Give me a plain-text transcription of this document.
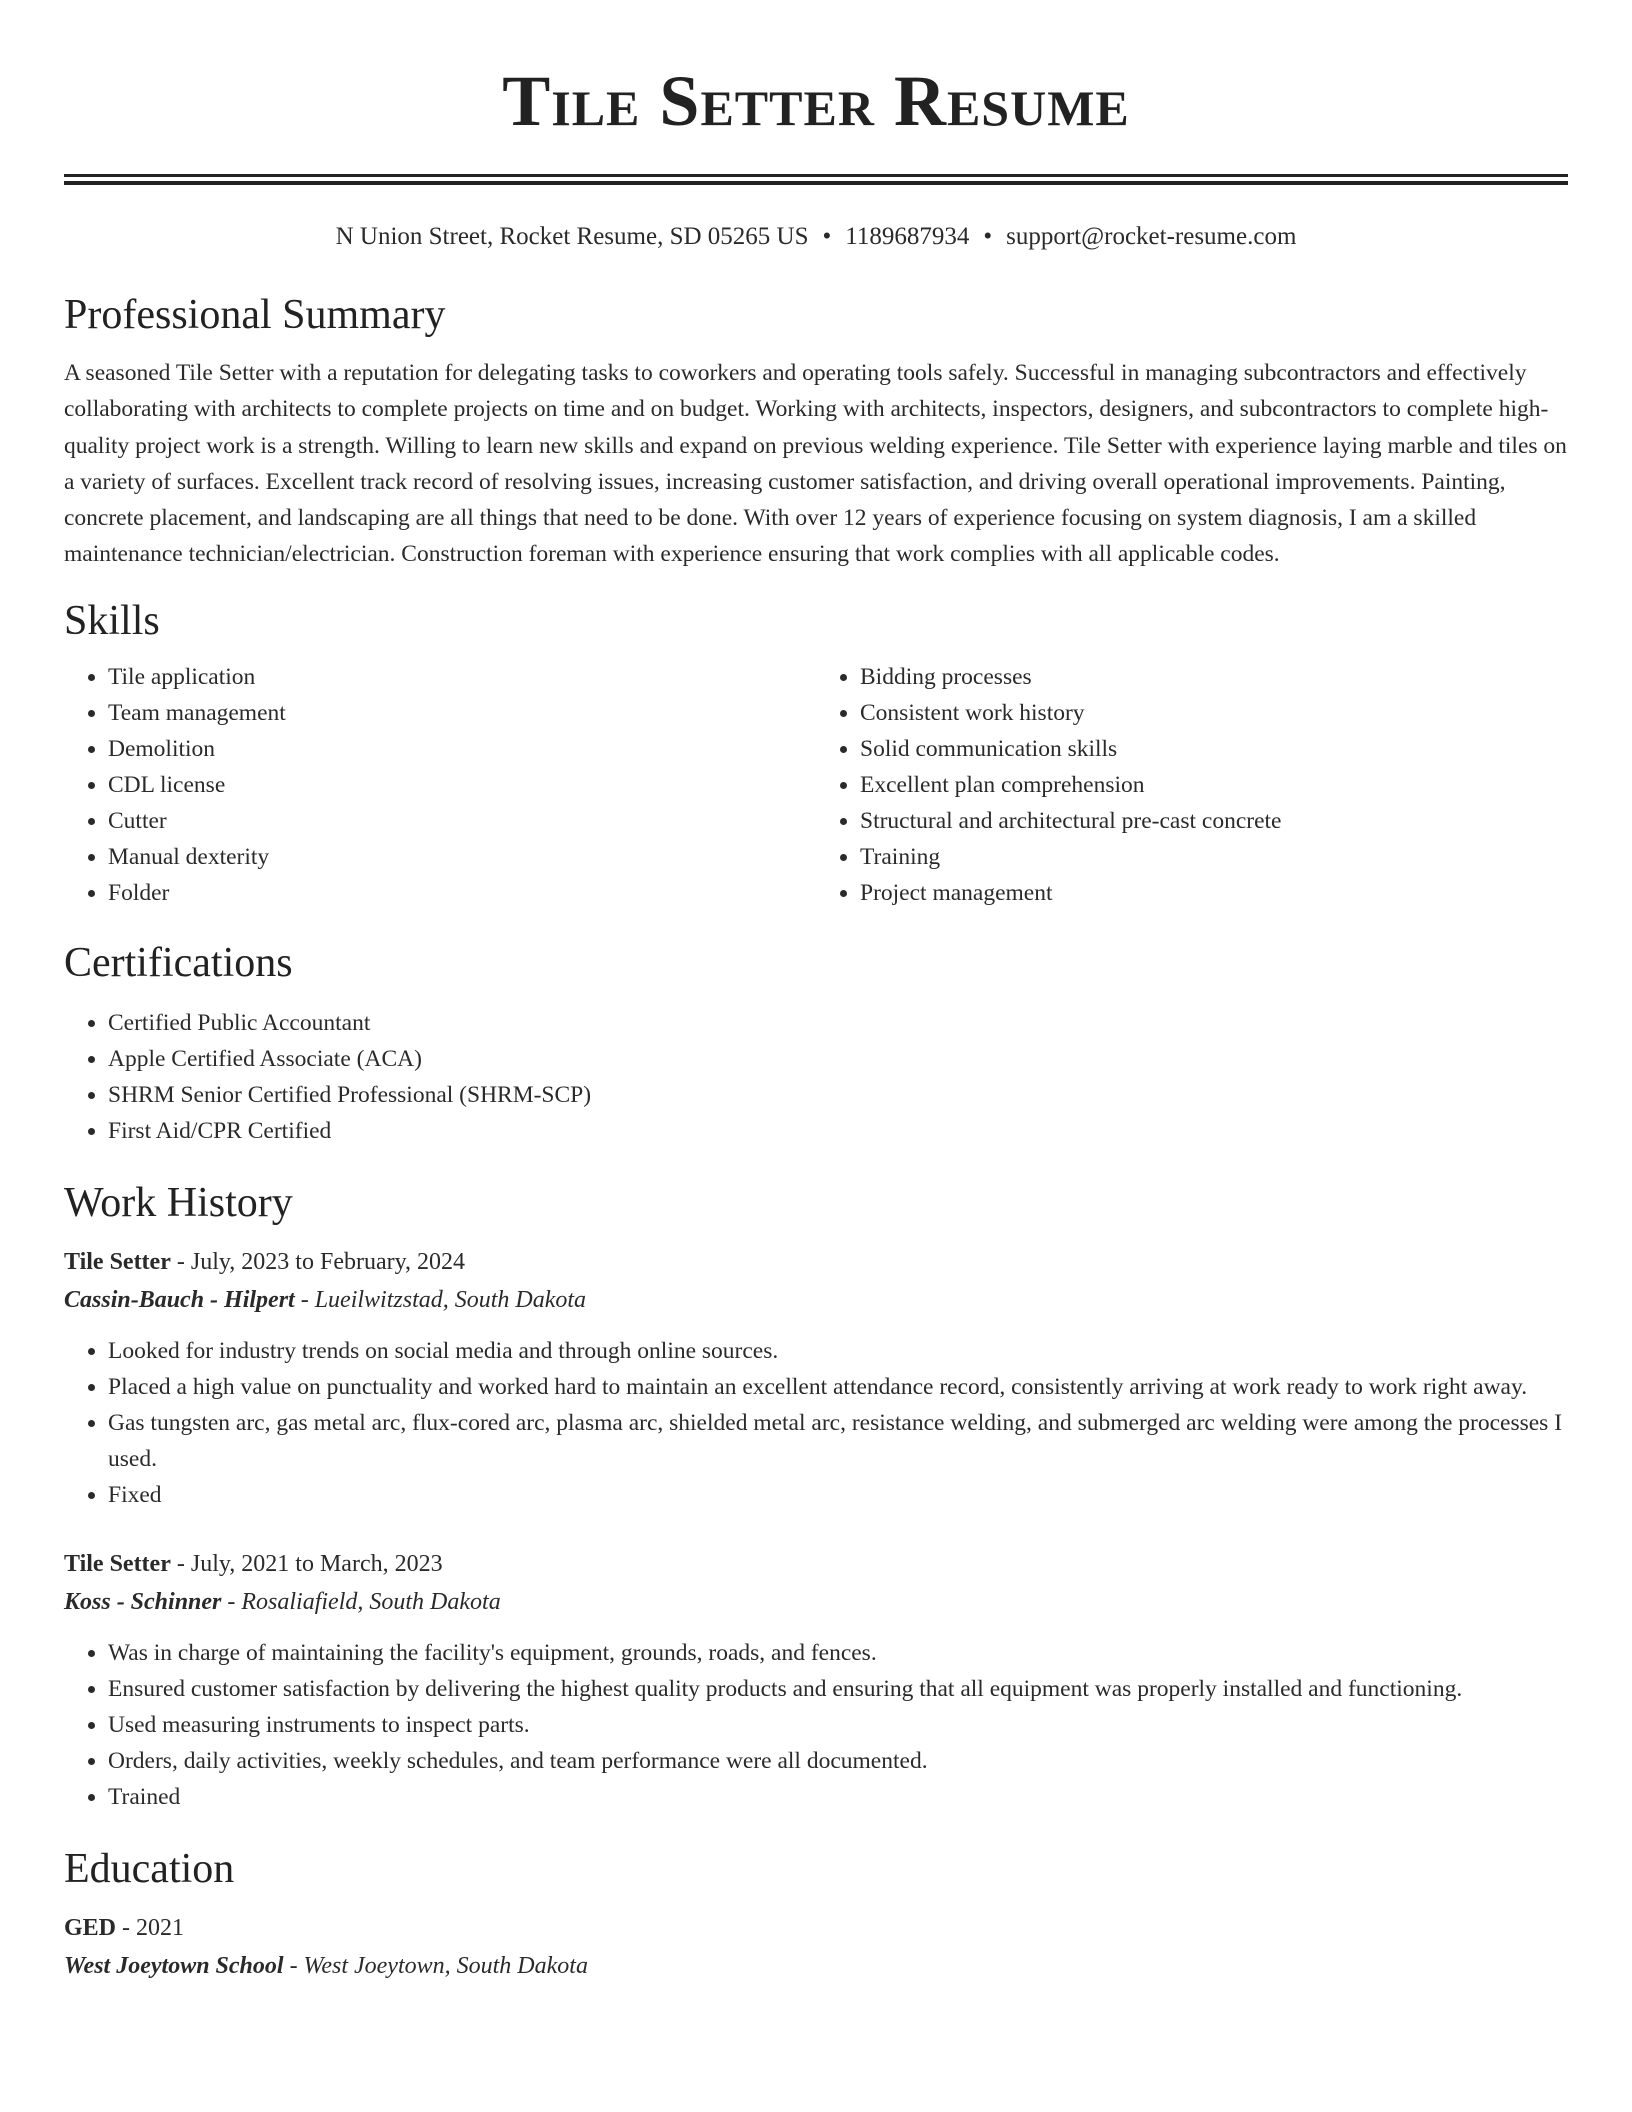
Tile Setter Resume
N Union Street, Rocket Resume, SD 05265 US • 1189687934 • support@rocket-resume.com
Professional Summary

A seasoned Tile Setter with a reputation for delegating tasks to coworkers and operating tools safely. Successful in managing subcontractors and effectively collaborating with architects to complete projects on time and on budget. Working with architects, inspectors, designers, and subcontractors to complete high-quality project work is a strength. Willing to learn new skills and expand on previous welding experience. Tile Setter with experience laying marble and tiles on a variety of surfaces. Excellent track record of resolving issues, increasing customer satisfaction, and driving overall operational improvements. Painting, concrete placement, and landscaping are all things that need to be done. With over 12 years of experience focusing on system diagnosis, I am a skilled maintenance technician/electrician. Construction foreman with experience ensuring that work complies with all applicable codes.

Skills
• Tile application
• Team management
• Demolition
• CDL license
• Cutter
• Manual dexterity
• Folder
• Bidding processes
• Consistent work history
• Solid communication skills
• Excellent plan comprehension
• Structural and architectural pre-cast concrete
• Training
• Project management
Certifications
• Certified Public Accountant
• Apple Certified Associate (ACA)
• SHRM Senior Certified Professional (SHRM-SCP)
• First Aid/CPR Certified
Work History
Tile Setter - July, 2023 to February, 2024
Cassin-Bauch - Hilpert - Lueilwitzstad, South Dakota
• Looked for industry trends on social media and through online sources.
• Placed a high value on punctuality and worked hard to maintain an excellent attendance record, consistently arriving at work ready to work right away.
• Gas tungsten arc, gas metal arc, flux-cored arc, plasma arc, shielded metal arc, resistance welding, and submerged arc welding were among the processes I used.
• Fixed
Tile Setter - July, 2021 to March, 2023
Koss - Schinner - Rosaliafield, South Dakota
• Was in charge of maintaining the facility's equipment, grounds, roads, and fences.
• Ensured customer satisfaction by delivering the highest quality products and ensuring that all equipment was properly installed and functioning.
• Used measuring instruments to inspect parts.
• Orders, daily activities, weekly schedules, and team performance were all documented.
• Trained
Education
GED - 2021
West Joeytown School - West Joeytown, South Dakota
